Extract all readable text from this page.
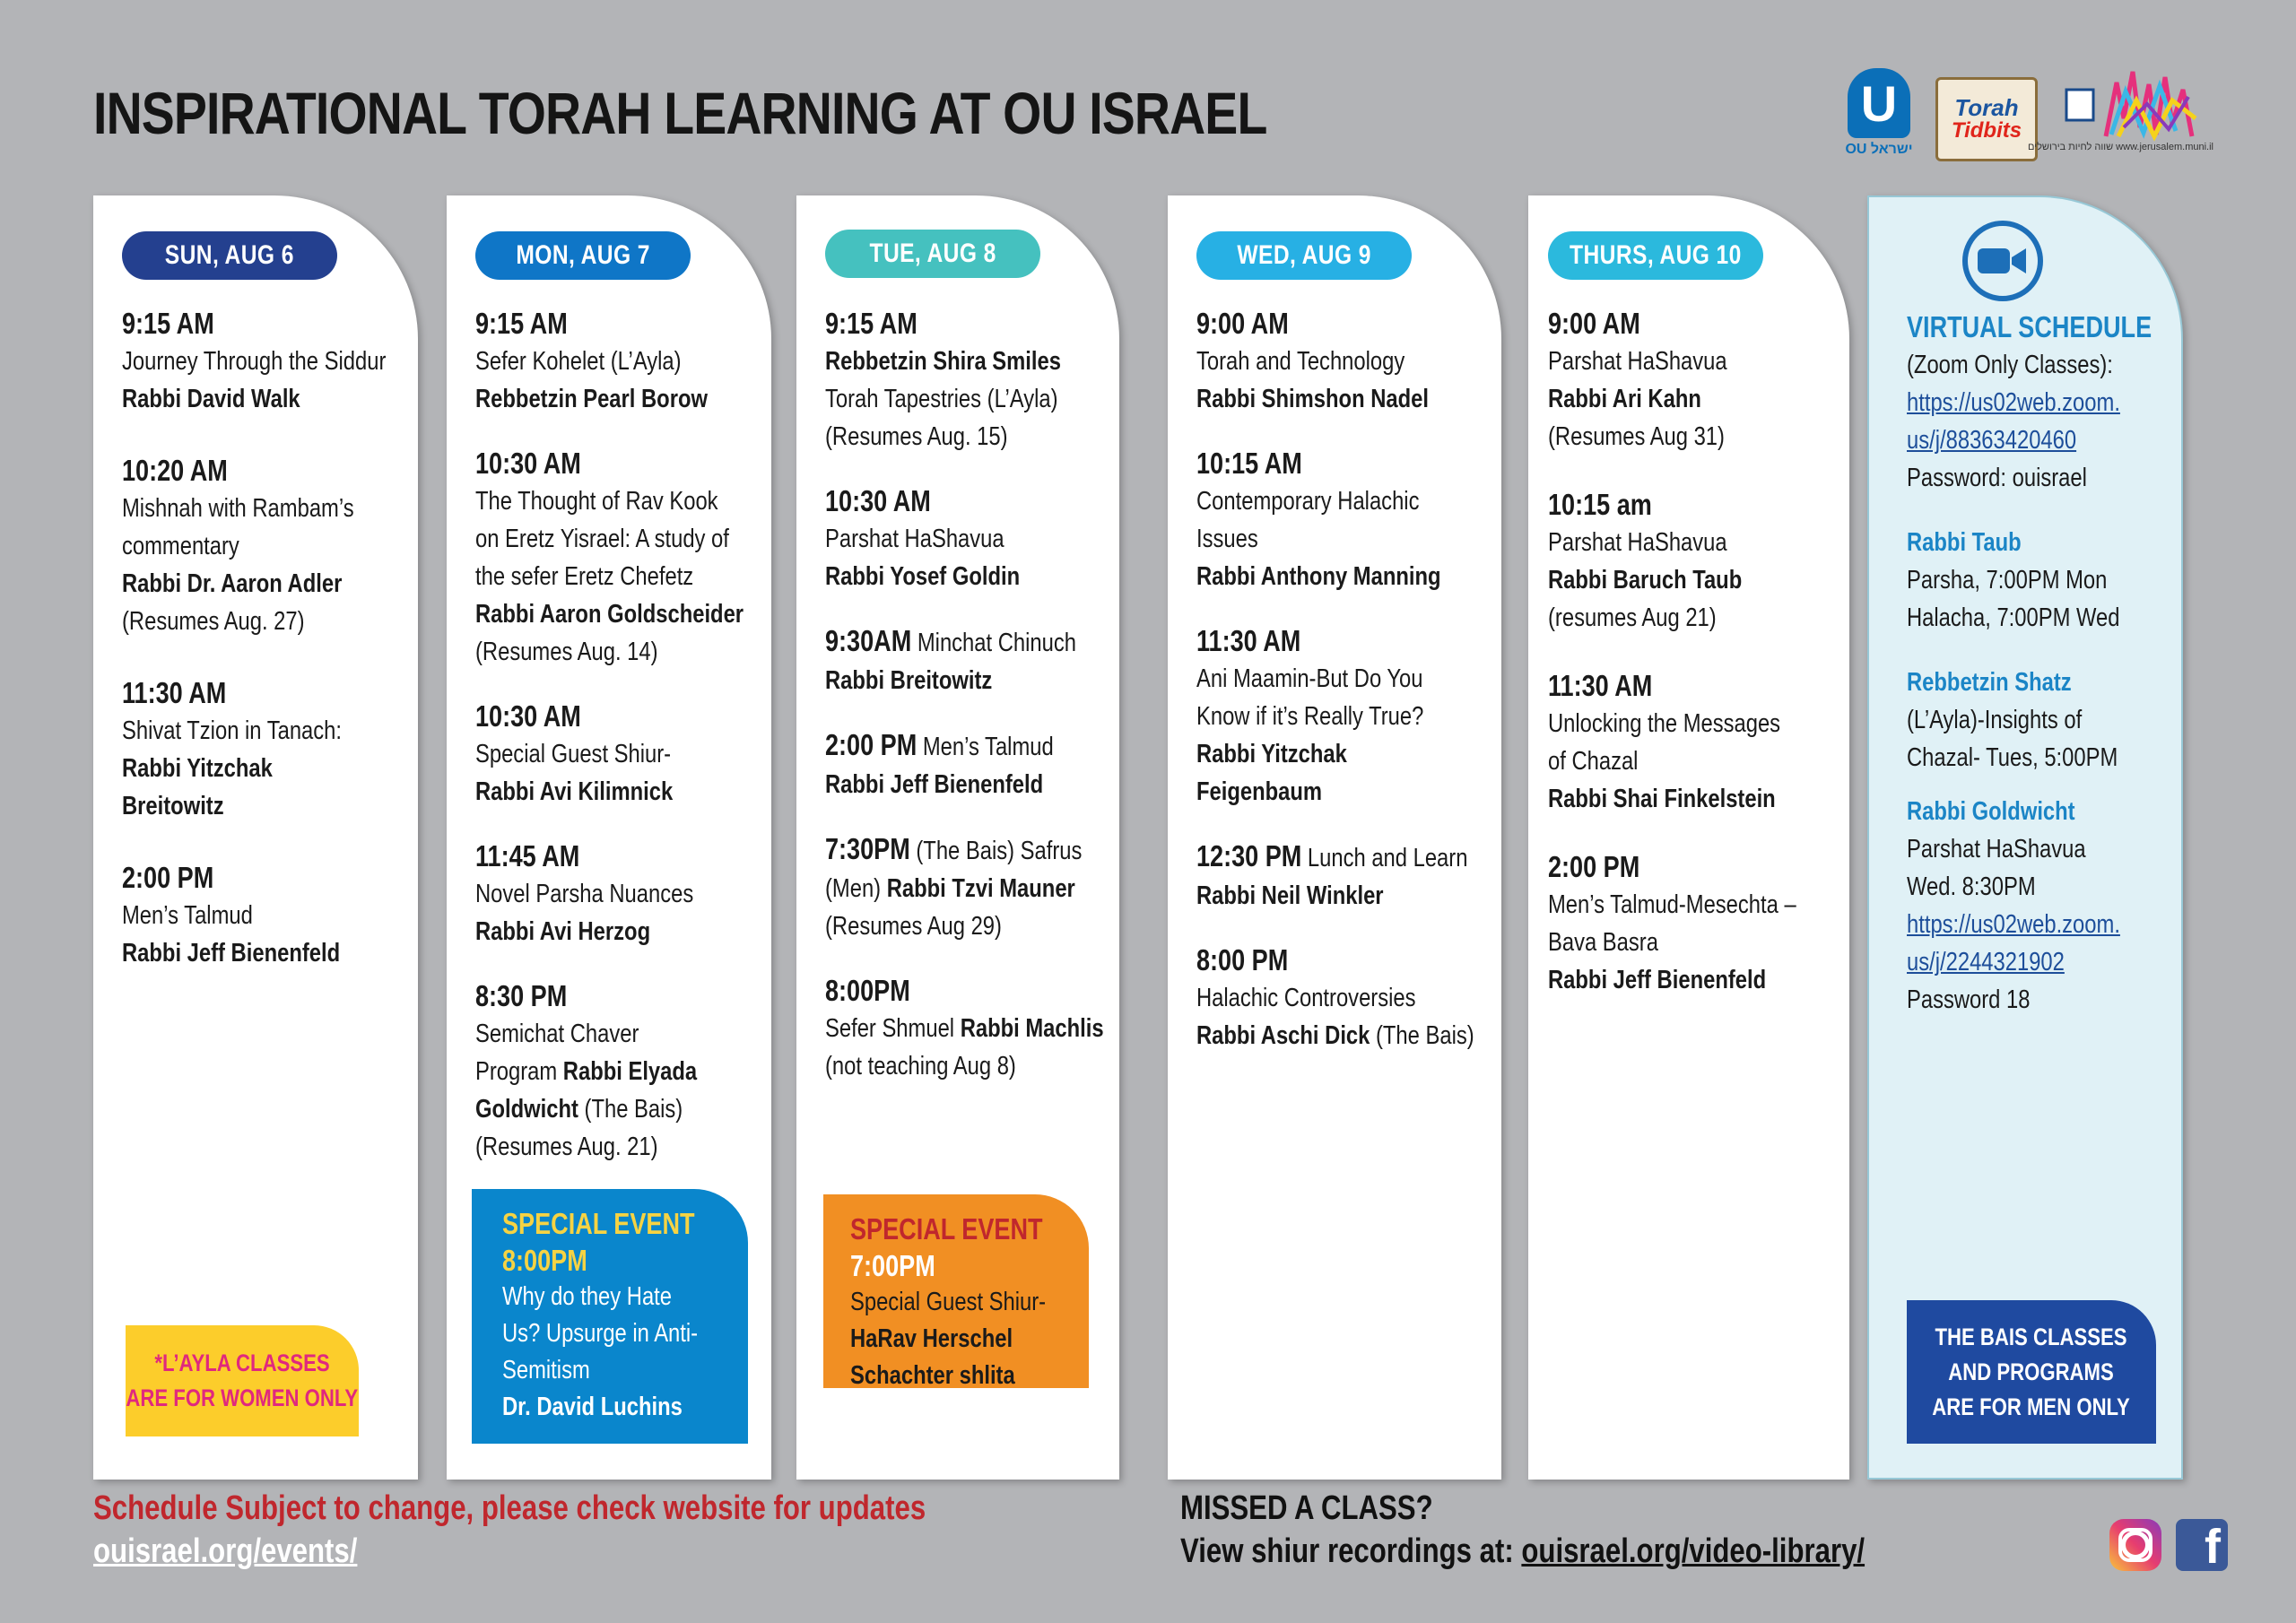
INSPIRATIONAL TORAH LEARNING AT OU ISRAEL	U
OU ישראל
Torah
Tidbits
שווה לחיות בירושלים www.jerusalem.muni.il
SUN, AUG 6
9:15 AM
Journey Through the Siddur
Rabbi David Walk
10:20 AM
Mishnah with Rambam’s
commentary
Rabbi Dr. Aaron Adler
(Resumes Aug. 27)
11:30 AM
Shivat Tzion in Tanach:
Rabbi Yitzchak
Breitowitz
2:00 PM
Men’s Talmud
Rabbi Jeff Bienenfeld
*L’AYLA CLASSES
ARE FOR WOMEN ONLY
MON, AUG 7
9:15 AM
Sefer Kohelet (L’Ayla)
Rebbetzin Pearl Borow
10:30 AM
The Thought of Rav Kook
on Eretz Yisrael: A study of
the sefer Eretz Chefetz
Rabbi Aaron Goldscheider
(Resumes Aug. 14)
10:30 AM
Special Guest Shiur-
Rabbi Avi Kilimnick
11:45 AM
Novel Parsha Nuances
Rabbi Avi Herzog
8:30 PM
Semichat Chaver
Program Rabbi Elyada
Goldwicht (The Bais)
(Resumes Aug. 21)
SPECIAL EVENT
8:00PM
Why do they Hate
Us? Upsurge in Anti-
Semitism
Dr. David Luchins
TUE, AUG 8
9:15 AM
Rebbetzin Shira Smiles
Torah Tapestries (L’Ayla)
(Resumes Aug. 15)
10:30 AM
Parshat HaShavua
Rabbi Yosef Goldin
9:30AM Minchat Chinuch
Rabbi Breitowitz
2:00 PM Men’s Talmud
Rabbi Jeff Bienenfeld
7:30PM (The Bais) Safrus
(Men) Rabbi Tzvi Mauner
(Resumes Aug 29)
8:00PM
Sefer Shmuel Rabbi Machlis
(not teaching Aug 8)
SPECIAL EVENT
7:00PM
Special Guest Shiur-
HaRav Herschel
Schachter shlita
WED, AUG 9
9:00 AM
Torah and Technology
Rabbi Shimshon Nadel
10:15 AM
Contemporary Halachic
Issues
Rabbi Anthony Manning
11:30 AM
Ani Maamin-But Do You
Know if it’s Really True?
Rabbi Yitzchak
Feigenbaum
12:30 PM Lunch and Learn
Rabbi Neil Winkler
8:00 PM
Halachic Controversies
Rabbi Aschi Dick (The Bais)
THURS, AUG 10
9:00 AM
Parshat HaShavua
Rabbi Ari Kahn
(Resumes Aug 31)
10:15 am
Parshat HaShavua
Rabbi Baruch Taub
(resumes Aug 21)
11:30 AM
Unlocking the Messages
of Chazal
Rabbi Shai Finkelstein
2:00 PM
Men’s Talmud-Mesechta –
Bava Basra
Rabbi Jeff Bienenfeld
VIRTUAL SCHEDULE
(Zoom Only Classes):
https://us02web.zoom.
us/j/88363420460
Password: ouisrael
Rabbi Taub
Parsha, 7:00PM Mon
Halacha, 7:00PM Wed
Rebbetzin Shatz
(L’Ayla)-Insights of
Chazal- Tues, 5:00PM
Rabbi Goldwicht
Parshat HaShavua
Wed. 8:30PM
https://us02web.zoom.
us/j/2244321902
Password 18
THE BAIS CLASSES
AND PROGRAMS
ARE FOR MEN ONLY
Schedule Subject to change, please check website for updates
ouisrael.org/events/
MISSED A CLASS?
View shiur recordings at: ouisrael.org/video-library/	f
